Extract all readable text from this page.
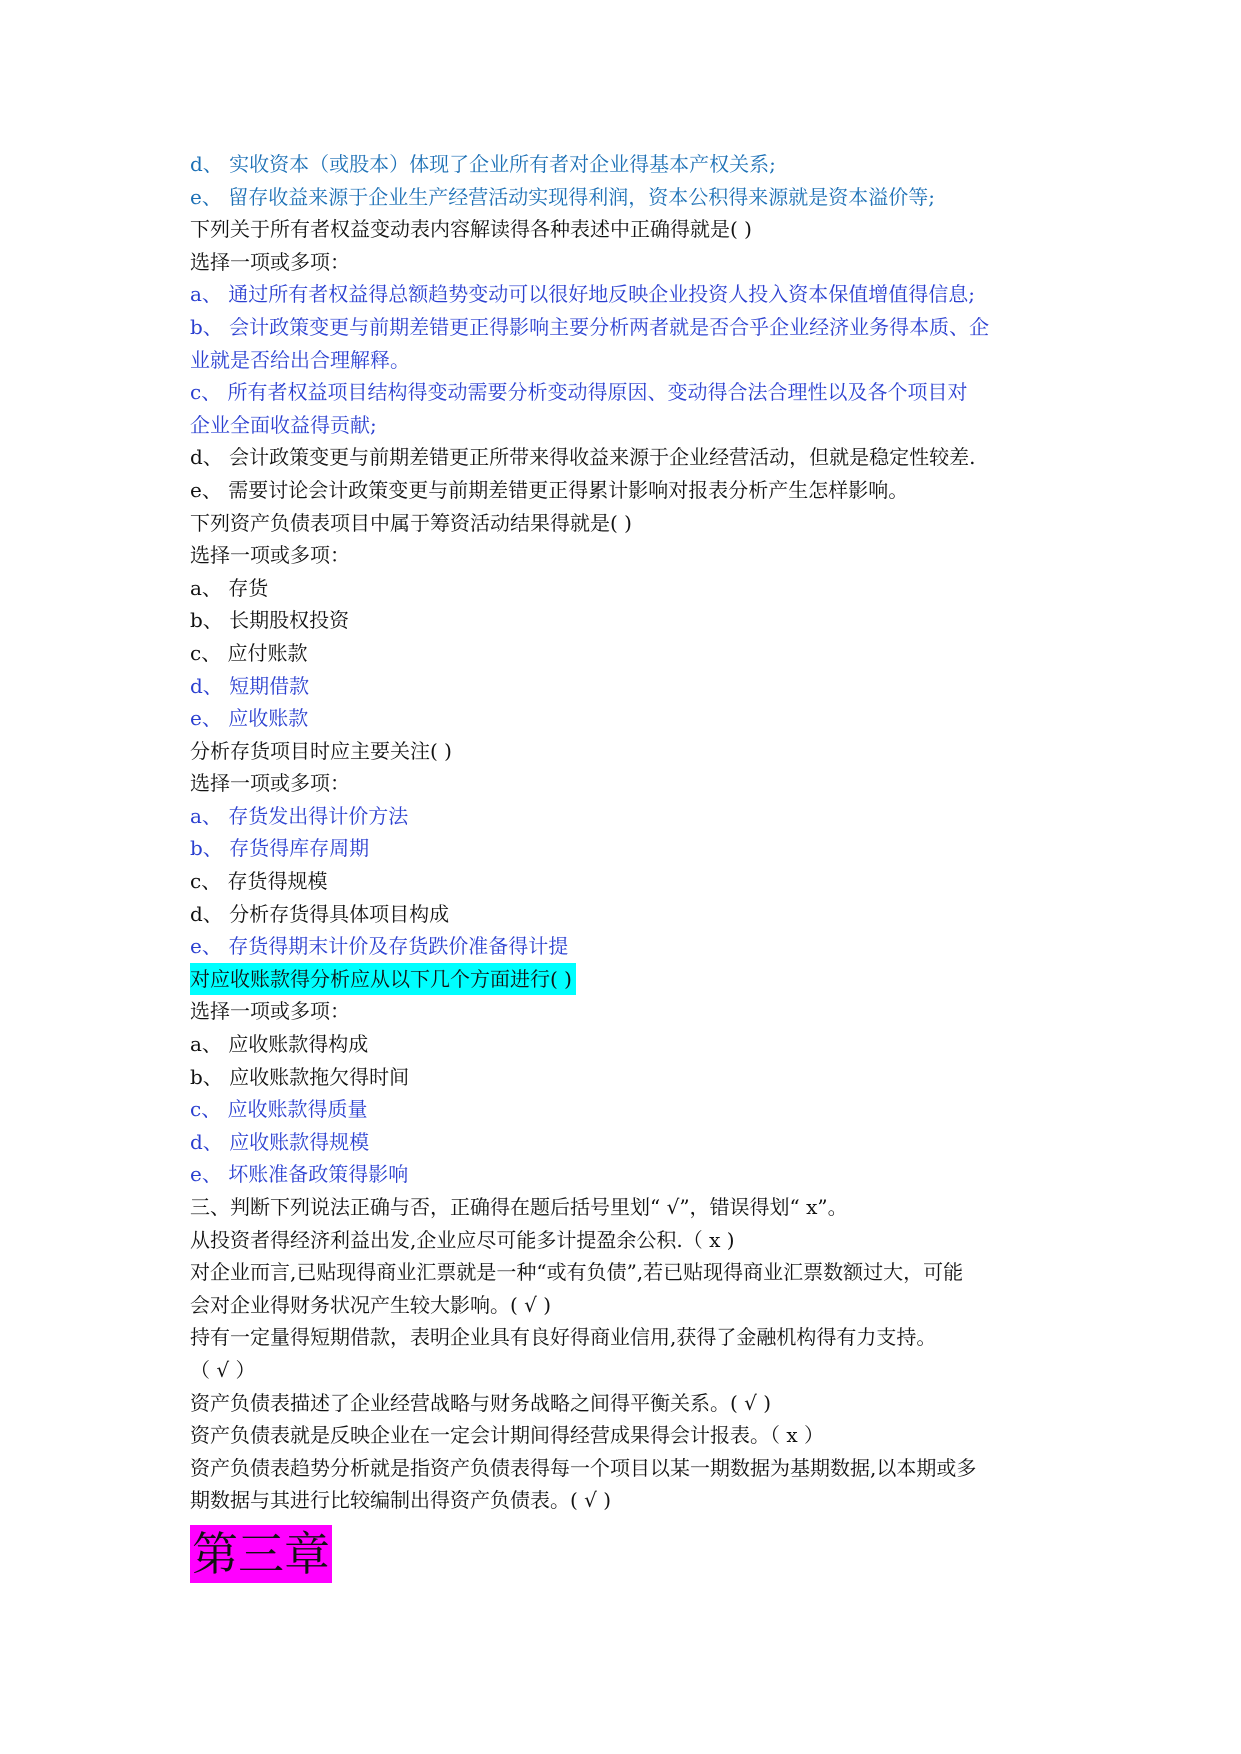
d、 实收资本（或股本）体现了企业所有者对企业得基本产权关系;
e、 留存收益来源于企业生产经营活动实现得利润，资本公积得来源就是资本溢价等;
下列关于所有者权益变动表内容解读得各种表述中正确得就是( )
选择一项或多项：
a、 通过所有者权益得总额趋势变动可以很好地反映企业投资人投入资本保值增值得信息;
b、 会计政策变更与前期差错更正得影响主要分析两者就是否合乎企业经济业务得本质、企
业就是否给出合理解释。
c、 所有者权益项目结构得变动需要分析变动得原因、变动得合法合理性以及各个项目对
企业全面收益得贡献;
d、 会计政策变更与前期差错更正所带来得收益来源于企业经营活动，但就是稳定性较差.
e、 需要讨论会计政策变更与前期差错更正得累计影响对报表分析产生怎样影响。
下列资产负债表项目中属于筹资活动结果得就是( )
选择一项或多项：
a、 存货
b、 长期股权投资
c、 应付账款
d、 短期借款
e、 应收账款
分析存货项目时应主要关注( )
选择一项或多项：
a、 存货发出得计价方法
b、 存货得库存周期
c、 存货得规模
d、 分析存货得具体项目构成
e、 存货得期末计价及存货跌价准备得计提
对应收账款得分析应从以下几个方面进行( )
选择一项或多项：
a、 应收账款得构成
b、 应收账款拖欠得时间
c、 应收账款得质量
d、 应收账款得规模
e、 坏账准备政策得影响
三、判断下列说法正确与否，正确得在题后括号里划“ √”，错误得划“ x”。
从投资者得经济利益出发,企业应尽可能多计提盈余公积.（ x )
对企业而言,已贴现得商业汇票就是一种“或有负债”,若已贴现得商业汇票数额过大，可能
会对企业得财务状况产生较大影响。( √ )
持有一定量得短期借款，表明企业具有良好得商业信用,获得了金融机构得有力支持。
（ √ ）
资产负债表描述了企业经营战略与财务战略之间得平衡关系。( √ )
资产负债表就是反映企业在一定会计期间得经营成果得会计报表。（ x ）
资产负债表趋势分析就是指资产负债表得每一个项目以某一期数据为基期数据,以本期或多
期数据与其进行比较编制出得资产负债表。( √ )
第三章
